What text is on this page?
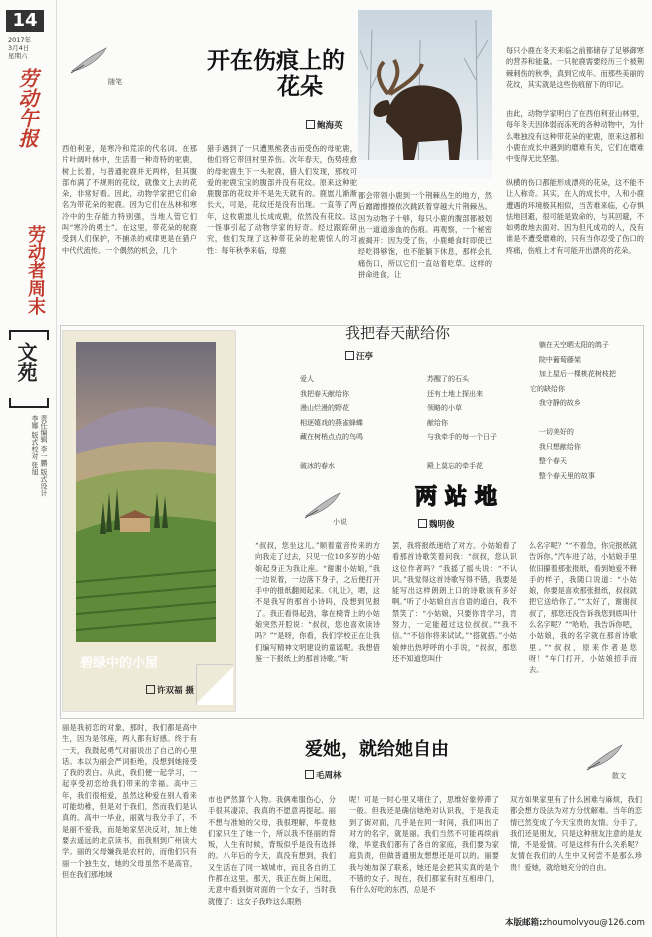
14
2017年
3月4日
星期六
劳动午报
劳动者周末
文苑
责任编辑 李一鹏 版式设计 李娜 版式校对 张旭
随笔
开在伤痕上的
花朵
鲍海英
西伯利亚，是寒冷和荒凉的代名词。在那片叶阔叶林中，生活着一种奇特的驼鹿，树上长着，与普通驼鹿并无两样，但其腹部布满了不规则的花纹，就像文上去的花朵，非常好看。因此，动物学家把它们命名为带花朵的驼鹿。因为它们在丛林和寒冷中的生存能力特别强，当地人管它们叫“寒冷的勇士”。在这里，带花朵的驼鹿受到人们保护，不捕杀的戒律更是在猎户中代代流传。一个偶然的机会，几个
猎手遇到了一只遭黑熊袭击而受伤的母驼鹿，他们将它带回村里养伤。次年春天，伤势痊愈的母驼鹿生下一头驼鹿，猎人们发现，那枚可爱的驼鹿宝宝的腹部并没有花纹。原来这种驼鹿腹部的花纹并不是先天就有的。鹿崽儿渐渐长大，可是，花纹还是没有出现。一直等了两年，这枚鹿崽儿长成成鹿，依然没有花纹。这一怪事引起了动物学家的好奇。经过跟踪研究，他们发现了这种带花朵的驼鹿惊人的习性：每年秋季来临，母鹿
都会带领小鹿到一个荆棘丛生的地方，然后蹭蹭擦擦依次跳跃着穿越大片荆棘丛。因为动物子十够，每只小鹿的腹部都被划出一道道渗血的伤痕。再观察，一个秘密被揭开：因为受了伤，小鹿蜷食时即使已经吃得够饱，也不能躺下休息，那样会扎痛伤口，所以它们一直站着吃草。这样的拼命进食，让
每只小鹿在冬天来临之前都储存了足够御寒的营养和能量。一只驼鹿需要经历三个被荆棘刺伤的秋季，真到它成年。而那些美丽的花纹，其实就是这些伤痕留下的印记。
由此，动物学家明白了在西伯利亚山林里，每年冬天因体弱而冻死的各种动物中，为什么唯独没有这种带花朵的驼鹿，原来这都和小鹿在成长中遇到的磨难有关，它们在磨难中变得无比坚强。
纵横的伤口都能形成漂亮的花朵，这不能不让人称奇。其实，在人的成长中，人和小鹿遭遇的环境极其相似，当苦难来临，心存惧怯地回避，很可能是致命的，与其回避，不如勇敢地去面对。因为但凡成功的人，没有谁是不遭受磨难的，只有当你忍受了伤口的疼痛，伤痕上才有可能开出漂亮的花朵。
碧绿中的小屋
许双福 摄
我把春天献给你
汪亭
爱人
我把春天献给你
漫山烂漫的野花
相逐嬉戏的燕雀蜂蝶
藏在树梢点点的鸟鸣

破冰的春水
苏醒了的石头
还有土地上探出来
领略的小草
献给你
与我牵手的每一个日子

殿上莫忘的牵手花
躺在天空晒太阳的鸽子
院中葡萄藤架
加上屋后一棵桃花树枝把
它的缺给你
我守静的故乡

一切美好的
我只想献给你
整个春天
整个春天里的故事
小说
两站地
魏明俊
“叔叔，您坐这儿。”顺着童音传来的方向我走了过去，只见一位10多岁的小姑娘起身正为我让座。“谢谢小姑娘，”我一边说着，一边落下身子，之后便打开手中的报纸翻阅起来。《礼让》，嗯，这不是我写的那首小诗吗，没想到见报了。我正看得起劲，靠在椅背上的小姑娘突然开腔说：“叔叔，您也喜欢读诗吗？”“是呀，你看，我们学校正在让我们编写精神文明建设的童谣呢。我想借鉴一下报纸上的那首诗歌。”听
罢，我将报纸递给了对方。小姑娘看了看那首诗歌笑着问我：“叔叔，您认识这位作者吗？”我摇了摇头说：“不认识。”我觉得这首诗歌写得不错，我要是能写出这样朗朗上口的诗歌该有多好啊。”听了小姑娘自言自语的道白，我不禁笑了：“小姑娘，只要你肯学习，肯努力，一定能超过这位叔叔。”“我不信。”“不信你将来试试。”“搭就搭。”小姑娘伸出热呼呼的小手说，“叔叔，那您还不知道您叫什
么名字呢？”“不着急，你完报纸就告诉你。”汽车进了站，小姑娘手里依旧攥着那张报纸，看到她爱不释手的样子，我随口说道：“小姑娘，你要是喜欢那张报纸，叔叔就把它送给你了。”“太好了，谢谢叔叔了，那您还没告诉我您到底叫什么名字呢？”“哈哈，我告诉你吧，小姑娘，我的名字就在那首诗歌里。”“叔叔，原来作者是您呀！”车门打开，小姑娘招手而去。
丽是我初恋的对象，那时，我们都是高中生，因为是邻座，两人都有好感。终于有一天，我鼓起勇气对丽说出了自己的心里话。本以为丽会严词拒绝，没想到她接受了我的表白。从此，我们便一起学习，一起享受初恋给我们带来的幸福。高中三年，我们很相爱，虽然这种爱在别人看来可能幼稚，但是对于我们，然而我们是认真的。高中一毕业，丽就与我分手了，不是丽不爱我，而是她家坚决反对，加上她要去遥远的北京读书，而我则到广州读大学。丽的父母嫌我是农村的，而他们只有丽一个独生女，她的父母虽然不是高官，但在我们那地域
爱她，就给她自由
毛周林	散文
市也俨然算个人物。我俩难服伤心，分手很其凄凉，我真的不愿意再提起。丽不想与准她的父母，我很理解，毕竟他们家只生了她一个，所以我不怪丽的背叛，人生有时候，背叛似乎是没有选择的。八年后的今天，真没有想到，我们又生活在了同一城城市，而且各自的工作都在这里。那天，我正在街上闲逛，无意中看到街对面的一个女子，当时我就傻了：这女子我昨这么眼熟
呢！可是一时心里又堵住了，思维好象停滞了一般。但我还是确信她绝对认识我，于是我走到了街对面，几乎是在同一时间，我们叫出了对方的名字，就是丽。我们当然不可能再续前缘，毕竟我们都有了各自的家庭，我们要为家庭负责，但做普通朋友想想还是可以的。丽要我与她加深了联系，她还是会把其实真的是个不错的女子。现在，我们都家有时互相串门，有什么好吃的东西，总是不
双方如果家里有了什么困难与麻烦，我们都会想方设法为对方分忧解难。当年的恋情已然变成了今天宝贵的友情。分手了，我们还是朋友，只是这种朋友注意的是友情，不是爱情。可是这样有什么关系呢？友情在我们的人生中又何尝不是那么珍贵！爱她，就给她充分的自由。
本版邮箱:zhoumolvyou@126.com
